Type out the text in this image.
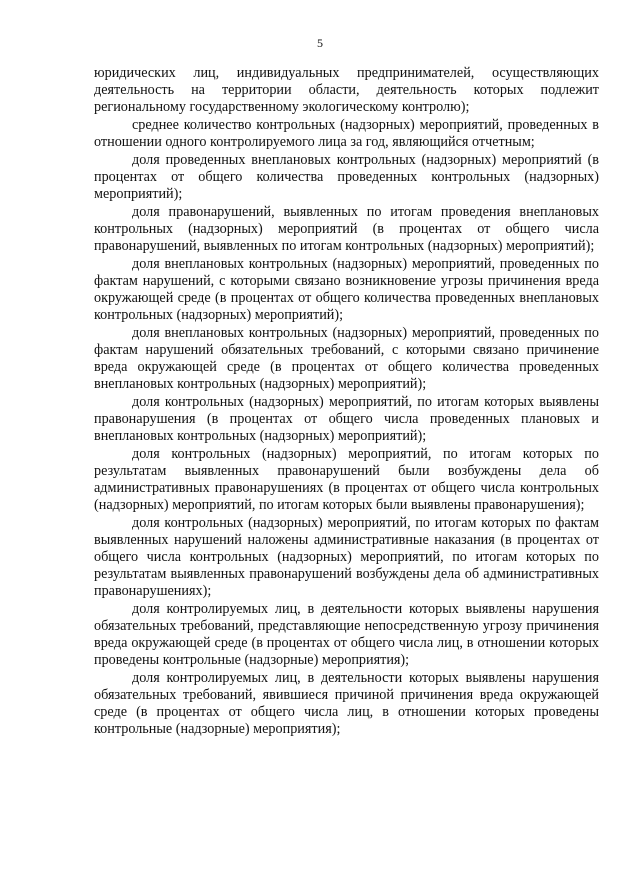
5

юридических лиц, индивидуальных предпринимателей, осуществляющих деятельность на территории области, деятельность которых подлежит региональному государственному экологическому контролю);

среднее количество контрольных (надзорных) мероприятий, проведенных в отношении одного контролируемого лица за год, являющийся отчетным;

доля проведенных внеплановых контрольных (надзорных) мероприятий (в процентах от общего количества проведенных контрольных (надзорных) мероприятий);

доля правонарушений, выявленных по итогам проведения внеплановых контрольных (надзорных) мероприятий (в процентах от общего числа правонарушений, выявленных по итогам контрольных (надзорных) мероприятий);

доля внеплановых контрольных (надзорных) мероприятий, проведенных по фактам нарушений, с которыми связано возникновение угрозы причинения вреда окружающей среде (в процентах от общего количества проведенных внеплановых контрольных (надзорных) мероприятий);

доля внеплановых контрольных (надзорных) мероприятий, проведенных по фактам нарушений обязательных требований, с которыми связано причинение вреда окружающей среде (в процентах от общего количества проведенных внеплановых контрольных (надзорных) мероприятий);

доля контрольных (надзорных) мероприятий, по итогам которых выявлены правонарушения (в процентах от общего числа проведенных плановых и внеплановых контрольных (надзорных) мероприятий);

доля контрольных (надзорных) мероприятий, по итогам которых по результатам выявленных правонарушений были возбуждены дела об административных правонарушениях (в процентах от общего числа контрольных (надзорных) мероприятий, по итогам которых были выявлены правонарушения);

доля контрольных (надзорных) мероприятий, по итогам которых по фактам выявленных нарушений наложены административные наказания (в процентах от общего числа контрольных (надзорных) мероприятий, по итогам которых по результатам выявленных правонарушений возбуждены дела об административных правонарушениях);

доля контролируемых лиц, в деятельности которых выявлены нарушения обязательных требований, представляющие непосредственную угрозу причинения вреда окружающей среде (в процентах от общего числа лиц, в отношении которых проведены контрольные (надзорные) мероприятия);

доля контролируемых лиц, в деятельности которых выявлены нарушения обязательных требований, явившиеся причиной причинения вреда окружающей среде (в процентах от общего числа лиц, в отношении которых проведены контрольные (надзорные) мероприятия);
